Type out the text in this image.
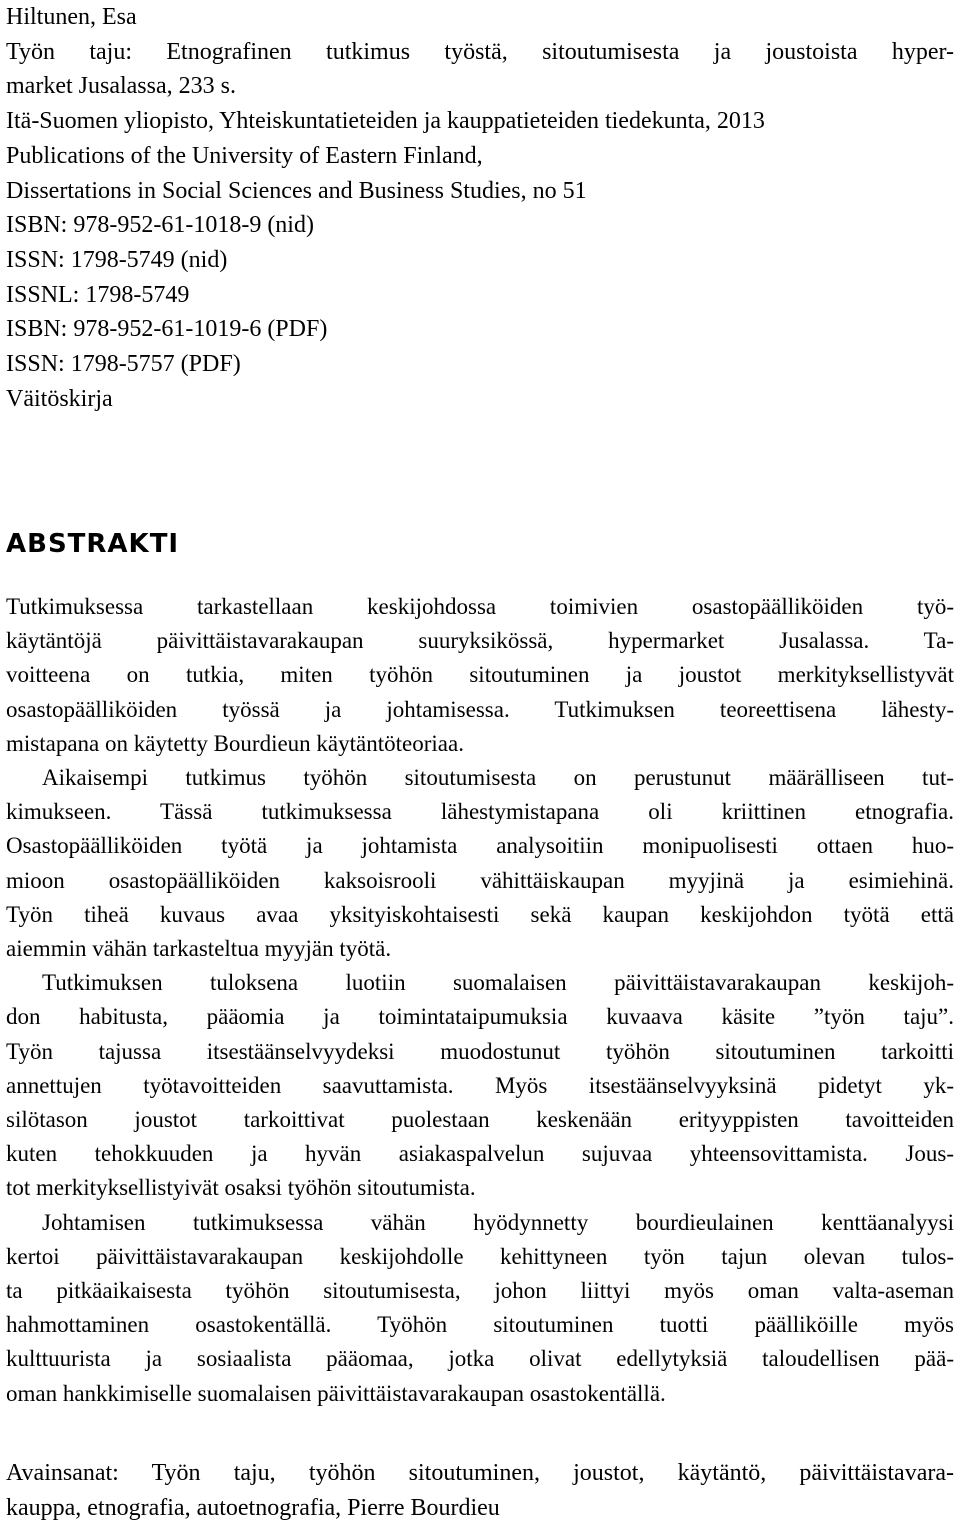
Hiltunen, Esa
Työn taju: Etnografinen tutkimus työstä, sitoutumisesta ja joustoista hyper-
market Jusalassa, 233 s.
Itä-Suomen yliopisto, Yhteiskuntatieteiden ja kauppatieteiden tiedekunta, 2013
Publications of the University of Eastern Finland,
Dissertations in Social Sciences and Business Studies, no 51
ISBN: 978-952-61-1018-9 (nid)
ISSN: 1798-5749 (nid)
ISSNL: 1798-5749
ISBN: 978-952-61-1019-6 (PDF)
ISSN: 1798-5757 (PDF)
Väitöskirja
ABSTRAKTI
Tutkimuksessa tarkastellaan keskijohdossa toimivien osastopäälliköiden työ-
käytäntöjä päivittäistavarakaupan suuryksikössä, hypermarket Jusalassa. Ta-
voitteena on tutkia, miten työhön sitoutuminen ja joustot merkityksellistyvät
osastopäälliköiden työssä ja johtamisessa. Tutkimuksen teoreettisena lähesty-
mistapana on käytetty Bourdieun käytäntöteoriaa.
Aikaisempi tutkimus työhön sitoutumisesta on perustunut määrälliseen tut-
kimukseen. Tässä tutkimuksessa lähestymistapana oli kriittinen etnografia.
Osastopäälliköiden työtä ja johtamista analysoitiin monipuolisesti ottaen huo-
mioon osastopäälliköiden kaksoisrooli vähittäiskaupan myyjinä ja esimiehinä.
Työn tiheä kuvaus avaa yksityiskohtaisesti sekä kaupan keskijohdon työtä että
aiemmin vähän tarkasteltua myyjän työtä.
Tutkimuksen tuloksena luotiin suomalaisen päivittäistavarakaupan keskijoh-
don habitusta, pääomia ja toimintataipumuksia kuvaava käsite ”työn taju”.
Työn tajussa itsestäänselvyydeksi muodostunut työhön sitoutuminen tarkoitti
annettujen työtavoitteiden saavuttamista. Myös itsestäänselvyyksinä pidetyt yk-
silötason joustot tarkoittivat puolestaan keskenään erityyppisten tavoitteiden
kuten tehokkuuden ja hyvän asiakaspalvelun sujuvaa yhteensovittamista. Jous-
tot merkityksellistyivät osaksi työhön sitoutumista.
Johtamisen tutkimuksessa vähän hyödynnetty bourdieulainen kenttäanalyysi
kertoi päivittäistavarakaupan keskijohdolle kehittyneen työn tajun olevan tulos-
ta pitkäaikaisesta työhön sitoutumisesta, johon liittyi myös oman valta-aseman
hahmottaminen osastokentällä. Työhön sitoutuminen tuotti päälliköille myös
kulttuurista ja sosiaalista pääomaa, jotka olivat edellytyksiä taloudellisen pää-
oman hankkimiselle suomalaisen päivittäistavarakaupan osastokentällä.
Avainsanat: Työn taju, työhön sitoutuminen, joustot, käytäntö, päivittäistavara-
kauppa, etnografia, autoetnografia, Pierre Bourdieu
